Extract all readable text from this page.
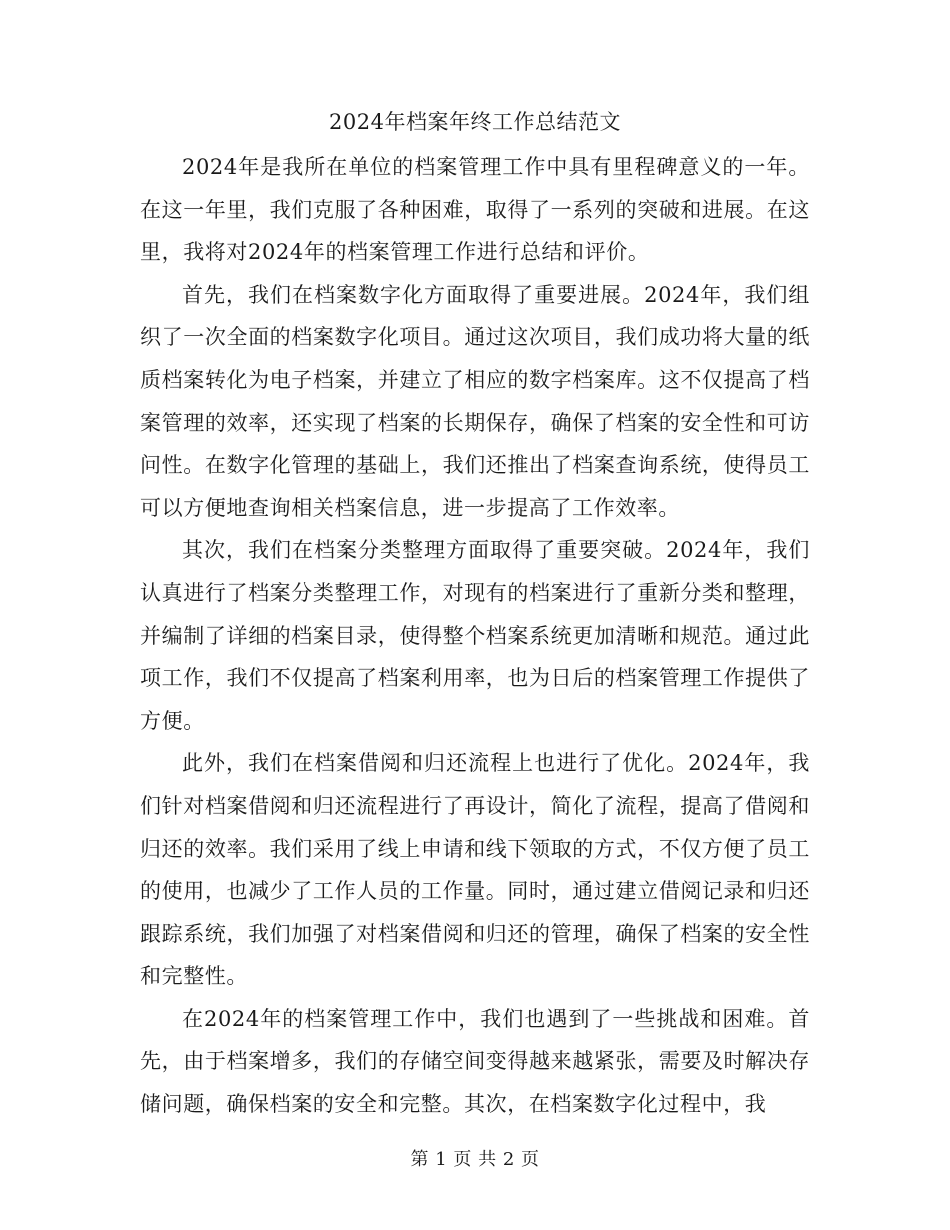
2024年档案年终工作总结范文

2024年是我所在单位的档案管理工作中具有里程碑意义的一年。在这一年里，我们克服了各种困难，取得了一系列的突破和进展。在这里，我将对2024年的档案管理工作进行总结和评价。

首先，我们在档案数字化方面取得了重要进展。2024年，我们组织了一次全面的档案数字化项目。通过这次项目，我们成功将大量的纸质档案转化为电子档案，并建立了相应的数字档案库。这不仅提高了档案管理的效率，还实现了档案的长期保存，确保了档案的安全性和可访问性。在数字化管理的基础上，我们还推出了档案查询系统，使得员工可以方便地查询相关档案信息，进一步提高了工作效率。

其次，我们在档案分类整理方面取得了重要突破。2024年，我们认真进行了档案分类整理工作，对现有的档案进行了重新分类和整理，并编制了详细的档案目录，使得整个档案系统更加清晰和规范。通过此项工作，我们不仅提高了档案利用率，也为日后的档案管理工作提供了方便。

此外，我们在档案借阅和归还流程上也进行了优化。2024年，我们针对档案借阅和归还流程进行了再设计，简化了流程，提高了借阅和归还的效率。我们采用了线上申请和线下领取的方式，不仅方便了员工的使用，也减少了工作人员的工作量。同时，通过建立借阅记录和归还跟踪系统，我们加强了对档案借阅和归还的管理，确保了档案的安全性和完整性。

在2024年的档案管理工作中，我们也遇到了一些挑战和困难。首先，由于档案增多，我们的存储空间变得越来越紧张，需要及时解决存储问题，确保档案的安全和完整。其次，在档案数字化过程中，我

第 1 页 共 2 页
